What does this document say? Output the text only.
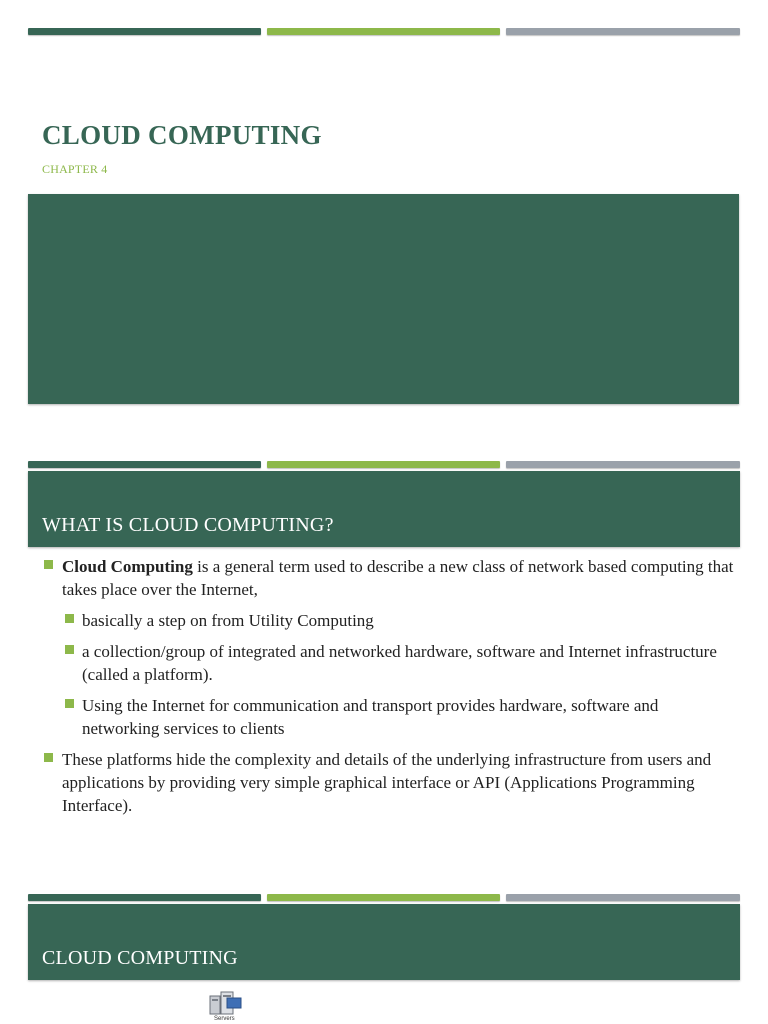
CLOUD COMPUTING
CHAPTER 4
WHAT IS CLOUD COMPUTING?
Cloud Computing is a general term used to describe a new class of network based computing that takes place over the Internet,
basically a step on from Utility Computing
a collection/group of integrated and networked hardware, software and Internet infrastructure (called a platform).
Using the Internet for communication and transport provides hardware, software and networking services to clients
These platforms hide the complexity and details of the underlying infrastructure from users and applications by providing very simple graphical interface or API (Applications Programming Interface).
CLOUD COMPUTING
Servers
